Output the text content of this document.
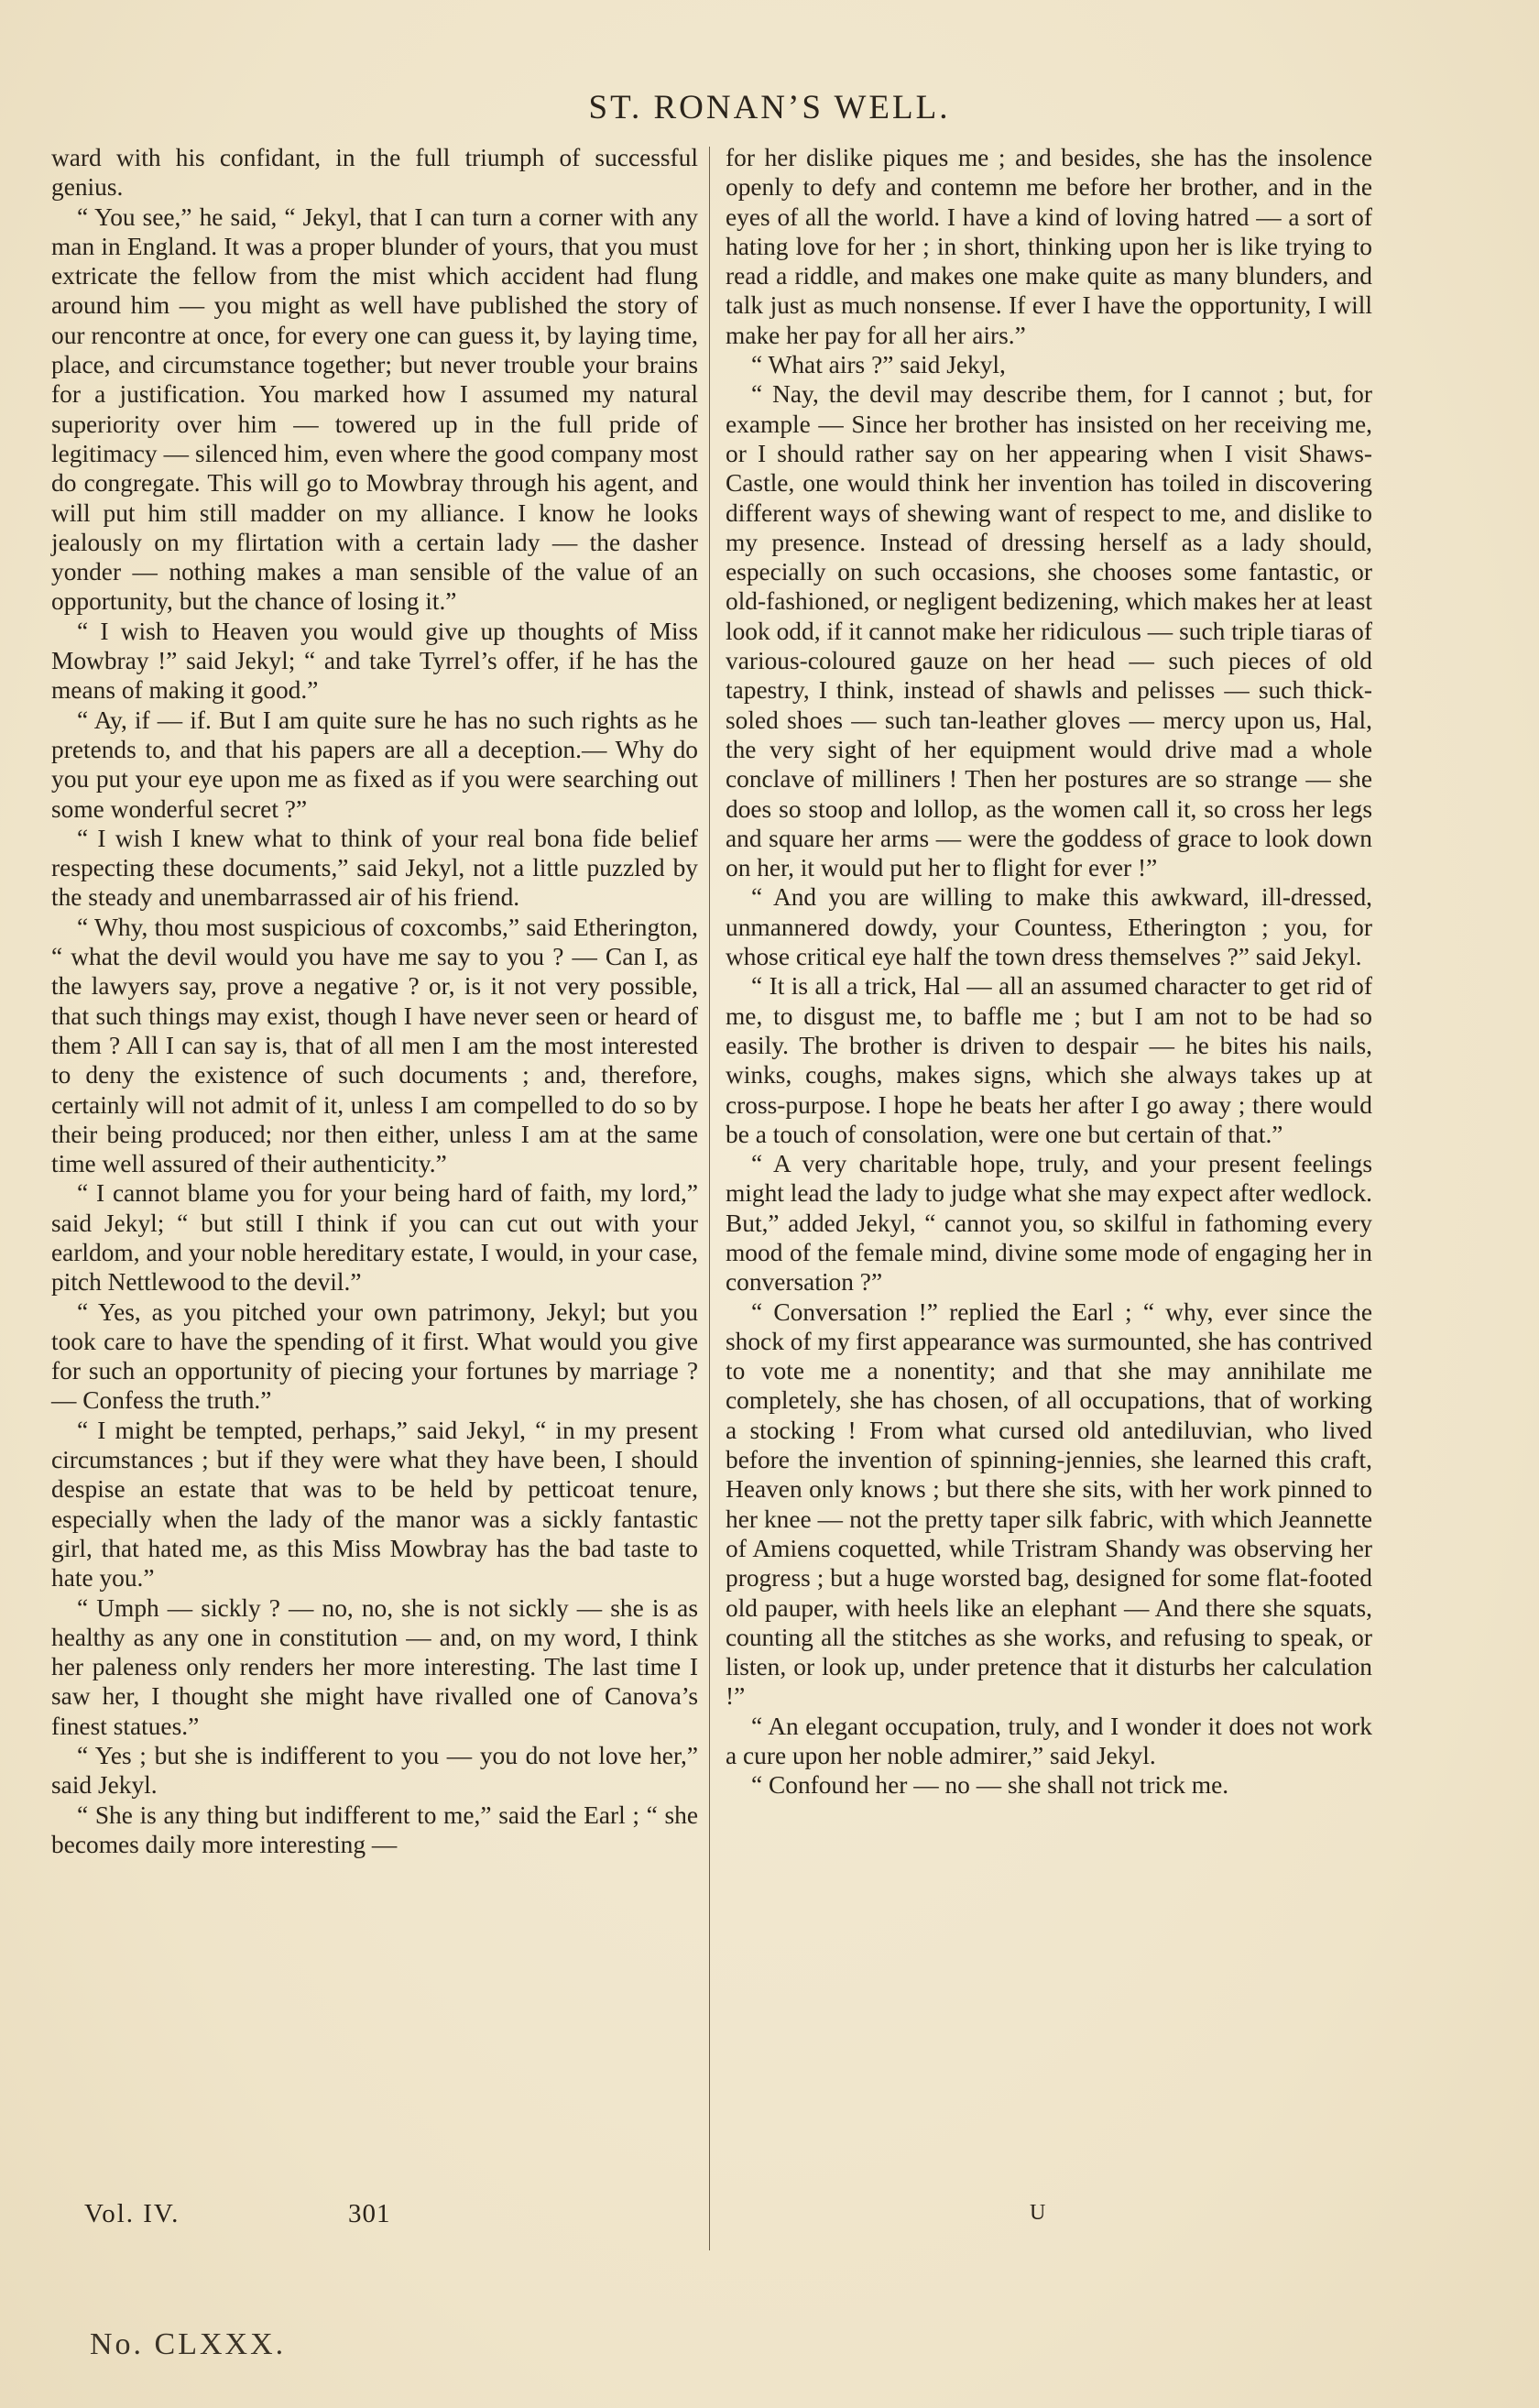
ST. RONAN’S WELL.

ward with his confidant, in the full triumph of successful genius.

“ You see,” he said, “ Jekyl, that I can turn a corner with any man in England. It was a proper blunder of yours, that you must extricate the fellow from the mist which accident had flung around him — you might as well have published the story of our rencontre at once, for every one can guess it, by laying time, place, and circumstance together; but never trouble your brains for a justification. You marked how I assumed my natural superiority over him — towered up in the full pride of legitimacy — silenced him, even where the good company most do congregate. This will go to Mowbray through his agent, and will put him still madder on my alliance. I know he looks jealously on my flirtation with a certain lady — the dasher yonder — nothing makes a man sensible of the value of an opportunity, but the chance of losing it.”

“ I wish to Heaven you would give up thoughts of Miss Mowbray !” said Jekyl; “ and take Tyrrel’s offer, if he has the means of making it good.”

“ Ay, if — if. But I am quite sure he has no such rights as he pretends to, and that his papers are all a deception.— Why do you put your eye upon me as fixed as if you were searching out some wonderful secret ?”

“ I wish I knew what to think of your real bona fide belief respecting these documents,” said Jekyl, not a little puzzled by the steady and unembarrassed air of his friend.

“ Why, thou most suspicious of coxcombs,” said Etherington, “ what the devil would you have me say to you ? — Can I, as the lawyers say, prove a negative ? or, is it not very possible, that such things may exist, though I have never seen or heard of them ? All I can say is, that of all men I am the most interested to deny the existence of such documents ; and, therefore, certainly will not admit of it, unless I am compelled to do so by their being produced; nor then either, unless I am at the same time well assured of their authenticity.”

“ I cannot blame you for your being hard of faith, my lord,” said Jekyl; “ but still I think if you can cut out with your earldom, and your noble hereditary estate, I would, in your case, pitch Nettlewood to the devil.”

“ Yes, as you pitched your own patrimony, Jekyl; but you took care to have the spending of it first. What would you give for such an opportunity of piecing your fortunes by marriage ? — Confess the truth.”

“ I might be tempted, perhaps,” said Jekyl, “ in my present circumstances ; but if they were what they have been, I should despise an estate that was to be held by petticoat tenure, especially when the lady of the manor was a sickly fantastic girl, that hated me, as this Miss Mowbray has the bad taste to hate you.”

“ Umph — sickly ? — no, no, she is not sickly — she is as healthy as any one in constitution — and, on my word, I think her paleness only renders her more interesting. The last time I saw her, I thought she might have rivalled one of Canova’s finest statues.”

“ Yes ; but she is indifferent to you — you do not love her,” said Jekyl.

“ She is any thing but indifferent to me,” said the Earl ; “ she becomes daily more interesting —

for her dislike piques me ; and besides, she has the insolence openly to defy and contemn me before her brother, and in the eyes of all the world. I have a kind of loving hatred — a sort of hating love for her ; in short, thinking upon her is like trying to read a riddle, and makes one make quite as many blunders, and talk just as much nonsense. If ever I have the opportunity, I will make her pay for all her airs.”

“ What airs ?” said Jekyl,

“ Nay, the devil may describe them, for I cannot ; but, for example — Since her brother has insisted on her receiving me, or I should rather say on her appearing when I visit Shaws-Castle, one would think her invention has toiled in discovering different ways of shewing want of respect to me, and dislike to my presence. Instead of dressing herself as a lady should, especially on such occasions, she chooses some fantastic, or old-fashioned, or negligent bedizening, which makes her at least look odd, if it cannot make her ridiculous — such triple tiaras of various-coloured gauze on her head — such pieces of old tapestry, I think, instead of shawls and pelisses — such thick-soled shoes — such tan-leather gloves — mercy upon us, Hal, the very sight of her equipment would drive mad a whole conclave of milliners ! Then her postures are so strange — she does so stoop and lollop, as the women call it, so cross her legs and square her arms — were the goddess of grace to look down on her, it would put her to flight for ever !”

“ And you are willing to make this awkward, ill-dressed, unmannered dowdy, your Countess, Etherington ; you, for whose critical eye half the town dress themselves ?” said Jekyl.

“ It is all a trick, Hal — all an assumed character to get rid of me, to disgust me, to baffle me ; but I am not to be had so easily. The brother is driven to despair — he bites his nails, winks, coughs, makes signs, which she always takes up at cross-purpose. I hope he beats her after I go away ; there would be a touch of consolation, were one but certain of that.”

“ A very charitable hope, truly, and your present feelings might lead the lady to judge what she may expect after wedlock. But,” added Jekyl, “ cannot you, so skilful in fathoming every mood of the female mind, divine some mode of engaging her in conversation ?”

“ Conversation !” replied the Earl ; “ why, ever since the shock of my first appearance was surmounted, she has contrived to vote me a nonentity; and that she may annihilate me completely, she has chosen, of all occupations, that of working a stocking ! From what cursed old antediluvian, who lived before the invention of spinning-jennies, she learned this craft, Heaven only knows ; but there she sits, with her work pinned to her knee — not the pretty taper silk fabric, with which Jeannette of Amiens coquetted, while Tristram Shandy was observing her progress ; but a huge worsted bag, designed for some flat-footed old pauper, with heels like an elephant — And there she squats, counting all the stitches as she works, and refusing to speak, or listen, or look up, under pretence that it disturbs her calculation !”

“ An elegant occupation, truly, and I wonder it does not work a cure upon her noble admirer,” said Jekyl.

“ Confound her — no — she shall not trick me.

Vol. IV.	301	U
No. CLXXX.
